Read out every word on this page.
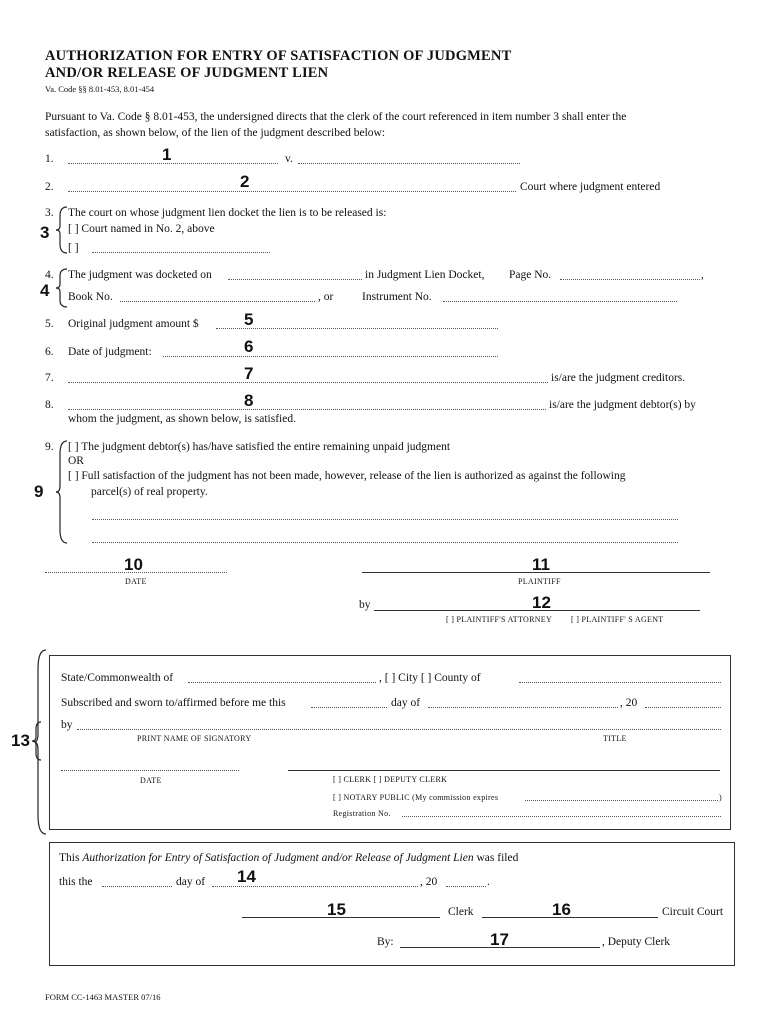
AUTHORIZATION FOR ENTRY OF SATISFACTION OF JUDGMENT
AND/OR RELEASE OF JUDGMENT LIEN
Va. Code §§ 8.01-453, 8.01-454
Pursuant to Va. Code § 8.01-453, the undersigned directs that the clerk of the court referenced in item number 3 shall enter the
satisfaction, as shown below, of the lien of the judgment described below:
1.	1	v.
2.	2	Court where judgment entered
3.
3
The court on whose judgment lien docket the lien is to be released is:
[ ] Court named in No. 2, above
[ ]
4.
4
The judgment was docketed on	in Judgment Lien Docket, Page No.	,
Book No.	, or Instrument No.
5. Original judgment amount $	5
6. Date of judgment:	6
7.	7	is/are the judgment creditors.
8.	8	is/are the judgment debtor(s) by
whom the judgment, as shown below, is satisfied.
9.
9
[ ] The judgment debtor(s) has/have satisfied the entire remaining unpaid judgment
OR
[ ] Full satisfaction of the judgment has not been made, however, release of the lien is authorized as against the following
parcel(s) of real property.
10
DATE
11
PLAINTIFF
by	12
[ ] PLAINTIFF'S ATTORNEY [ ] PLAINTIFF' S AGENT
13
State/Commonwealth of	, [ ] City [ ] County of
Subscribed and sworn to/affirmed before me this	day of	, 20
by
PRINT NAME OF SIGNATORY	TITLE
DATE	[ ] CLERK [ ] DEPUTY CLERK
[ ] NOTARY PUBLIC (My commission expires	)
Registration No.
This Authorization for Entry of Satisfaction of Judgment and/or Release of Judgment Lien was filed
this the	day of 14	, 20	.
15	Clerk	16	Circuit Court
By:	17	, Deputy Clerk
FORM CC-1463 MASTER 07/16
